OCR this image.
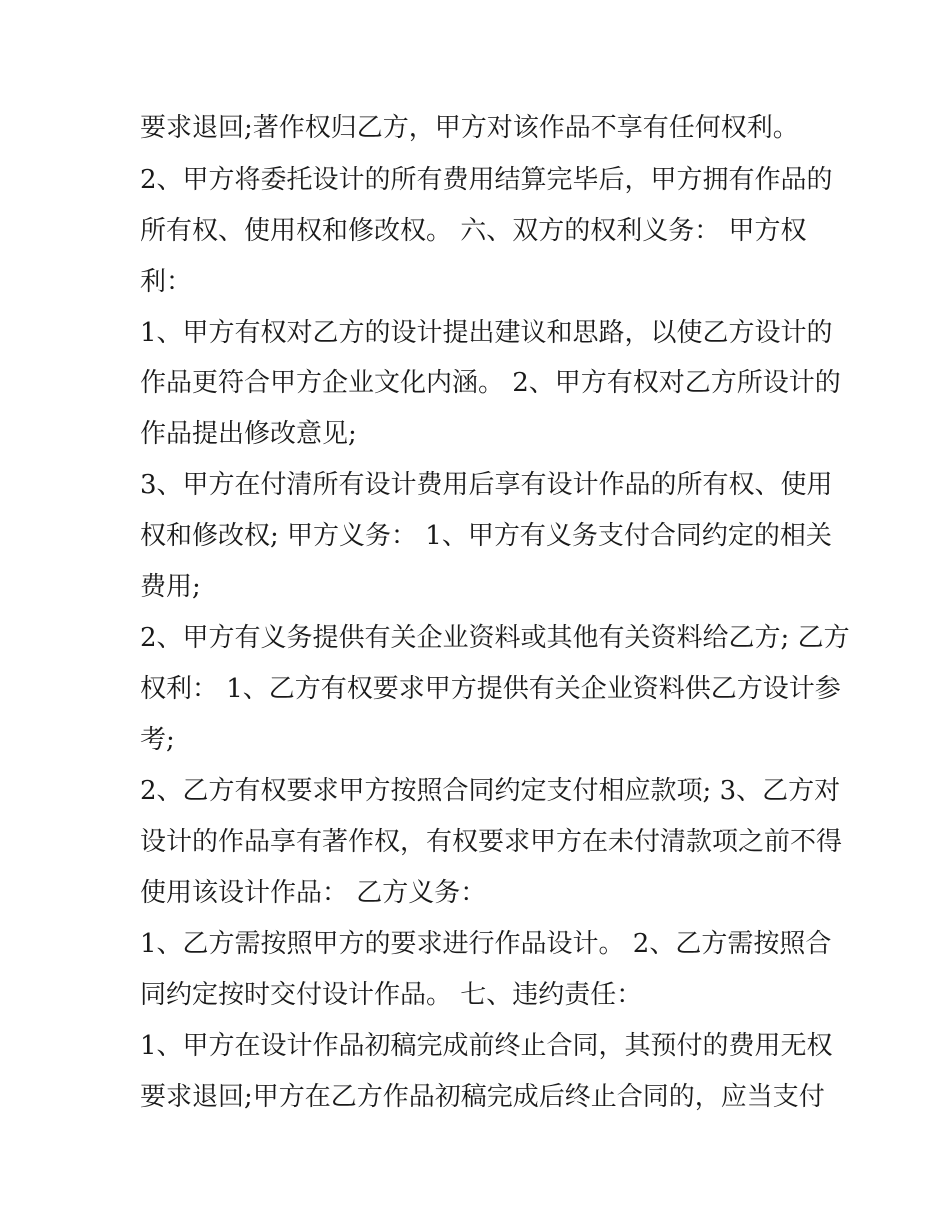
要求退回;著作权归乙方，甲方对该作品不享有任何权利。
2、甲方将委托设计的所有费用结算完毕后，甲方拥有作品的
所有权、使用权和修改权。 六、双方的权利义务： 甲方权
利：
1、甲方有权对乙方的设计提出建议和思路，以使乙方设计的
作品更符合甲方企业文化内涵。 2、甲方有权对乙方所设计的
作品提出修改意见;
3、甲方在付清所有设计费用后享有设计作品的所有权、使用
权和修改权; 甲方义务： 1、甲方有义务支付合同约定的相关
费用;
2、甲方有义务提供有关企业资料或其他有关资料给乙方; 乙方
权利： 1、乙方有权要求甲方提供有关企业资料供乙方设计参
考;
2、乙方有权要求甲方按照合同约定支付相应款项; 3、乙方对
设计的作品享有著作权，有权要求甲方在未付清款项之前不得
使用该设计作品： 乙方义务：
1、乙方需按照甲方的要求进行作品设计。 2、乙方需按照合
同约定按时交付设计作品。 七、违约责任：
1、甲方在设计作品初稿完成前终止合同，其预付的费用无权
要求退回;甲方在乙方作品初稿完成后终止合同的，应当支付
